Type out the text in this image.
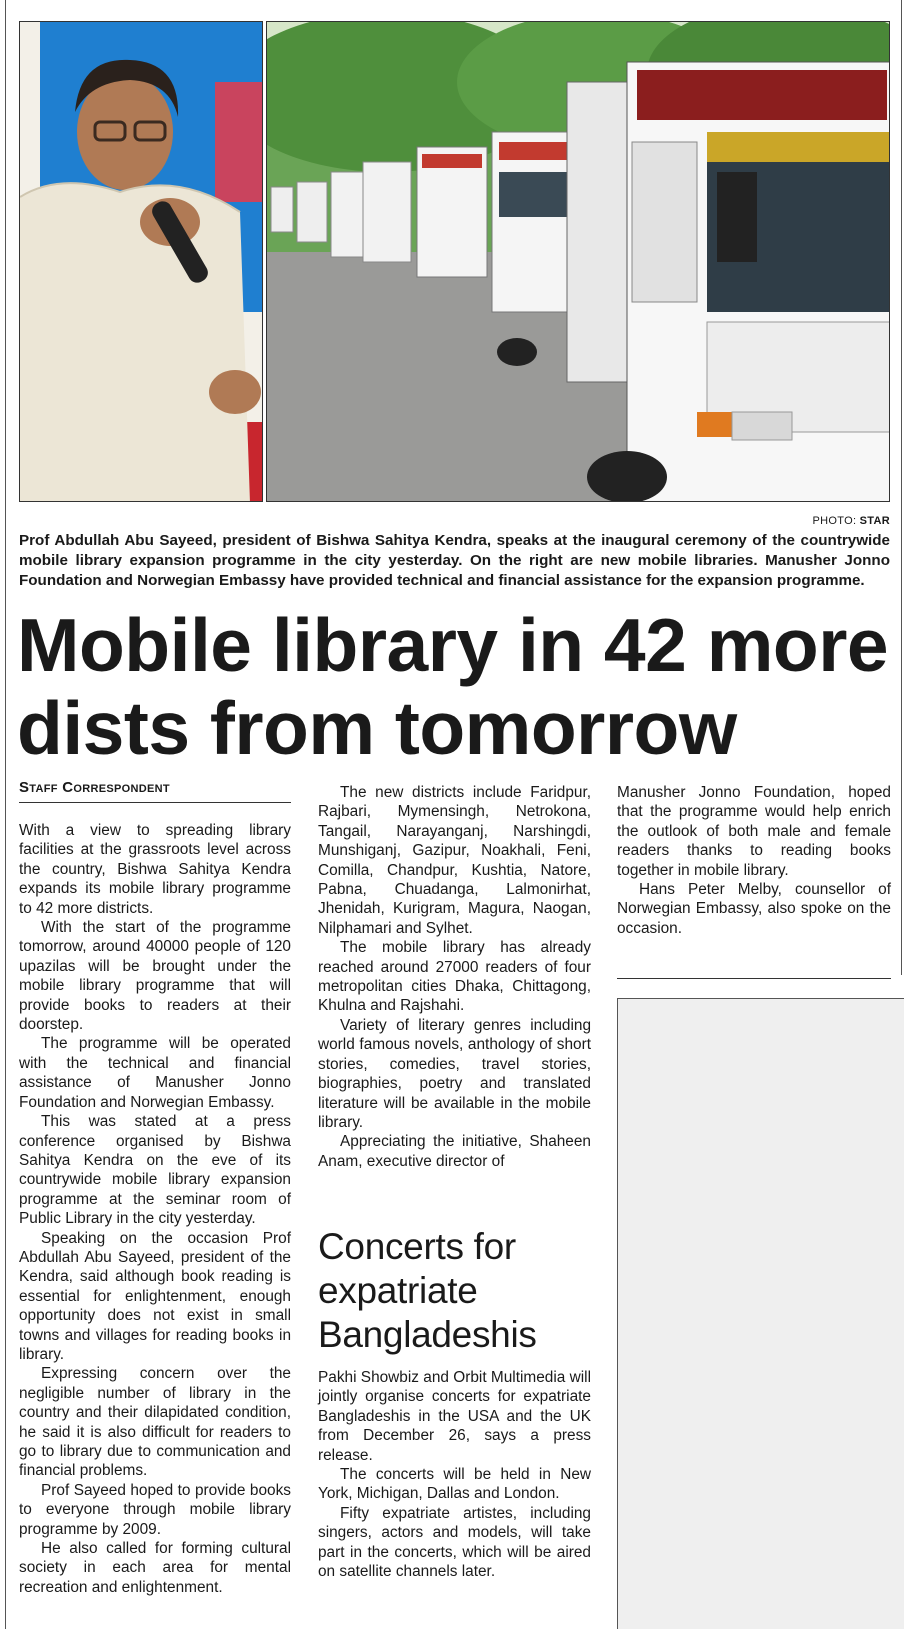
PHOTO: STAR
Prof Abdullah Abu Sayeed, president of Bishwa Sahitya Kendra, speaks at the inaugural ceremony of the countrywide mobile library expansion programme in the city yesterday. On the right are new mobile libraries. Manusher Jonno Foundation and Norwegian Embassy have provided technical and financial assistance for the expansion programme.
Mobile library in 42 more dists from tomorrow
Staff Correspondent

With a view to spreading library facilities at the grassroots level across the country, Bishwa Sahitya Kendra expands its mobile library programme to 42 more districts.

With the start of the programme tomorrow, around 40000 people of 120 upazilas will be brought under the mobile library programme that will provide books to readers at their doorstep.

The programme will be operated with the technical and financial assistance of Manusher Jonno Foundation and Norwegian Embassy.

This was stated at a press conference organised by Bishwa Sahitya Kendra on the eve of its countrywide mobile library expansion programme at the seminar room of Public Library in the city yesterday.

Speaking on the occasion Prof Abdullah Abu Sayeed, president of the Kendra, said although book reading is essential for enlightenment, enough opportunity does not exist in small towns and villages for reading books in library.

Expressing concern over the negligible number of library in the country and their dilapidated condition, he said it is also difficult for readers to go to library due to communication and financial problems.

Prof Sayeed hoped to provide books to everyone through mobile library programme by 2009.

He also called for forming cultural society in each area for mental recreation and enlightenment.

The new districts include Faridpur, Rajbari, Mymensingh, Netrokona, Tangail, Narayanganj, Narshingdi, Munshiganj, Gazipur, Noakhali, Feni, Comilla, Chandpur, Kushtia, Natore, Pabna, Chuadanga, Lalmonirhat, Jhenidah, Kurigram, Magura, Naogan, Nilphamari and Sylhet.

The mobile library has already reached around 27000 readers of four metropolitan cities Dhaka, Chittagong, Khulna and Rajshahi.

Variety of literary genres including world famous novels, anthology of short stories, comedies, travel stories, biographies, poetry and translated literature will be available in the mobile library.

Appreciating the initiative, Shaheen Anam, executive director of

Manusher Jonno Foundation, hoped that the programme would help enrich the outlook of both male and female readers thanks to reading books together in mobile library.

Hans Peter Melby, counsellor of Norwegian Embassy, also spoke on the occasion.

Concerts for expatriate Bangladeshis

Pakhi Showbiz and Orbit Multimedia will jointly organise concerts for expatriate Bangladeshis in the USA and the UK from December 26, says a press release.

The concerts will be held in New York, Michigan, Dallas and London.

Fifty expatriate artistes, including singers, actors and models, will take part in the concerts, which will be aired on satellite channels later.
